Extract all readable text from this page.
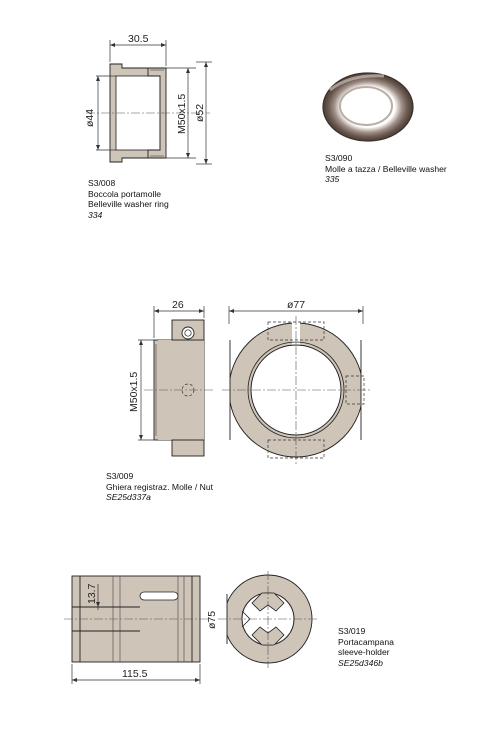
30.5
ø44	M50x1.5 ø52
26
M50x1.5
ø77
13.7
115.5
ø75
S3/008
Boccola portamolle
Belleville washer ring
334
S3/090
Molle a tazza / Belleville washer
335
S3/009
Ghiera registraz. Molle / Nut
SE25d337a
S3/019
Portacampana
sleeve-holder
SE25d346b
